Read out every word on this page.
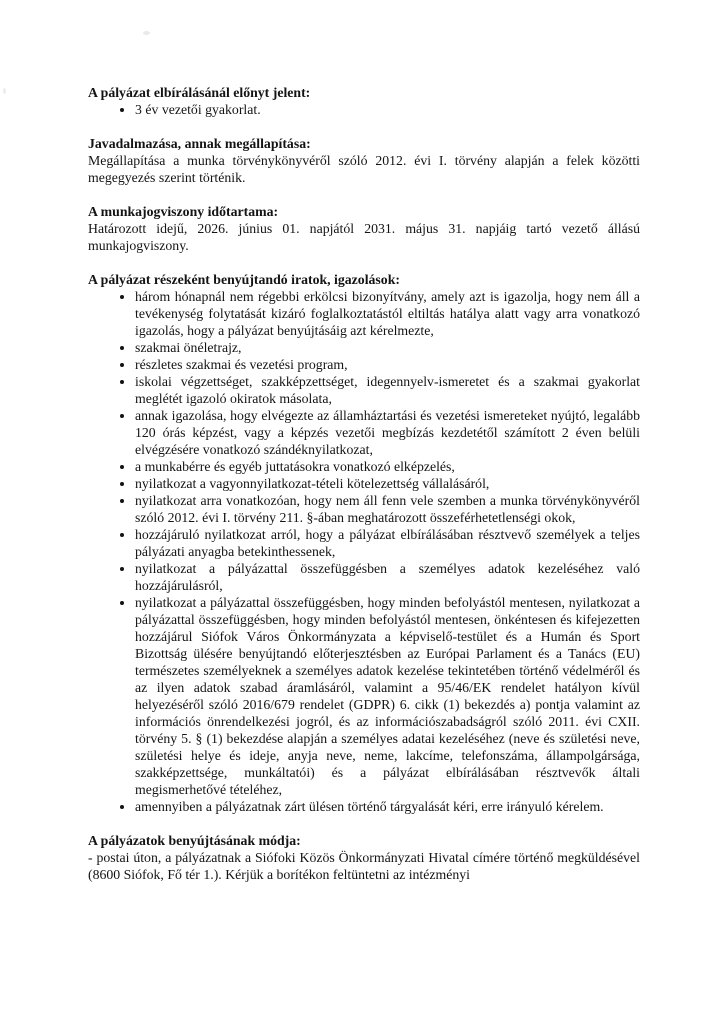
A pályázat elbírálásánál előnyt jelent:
• 3 év vezetői gyakorlat.
Javadalmazása, annak megállapítása:

Megállapítása a munka törvénykönyvéről szóló 2012. évi I. törvény alapján a felek közötti megegyezés szerint történik.

A munkajogviszony időtartama:

Határozott idejű, 2026. június 01. napjától 2031. május 31. napjáig tartó vezető állású munkajogviszony.

A pályázat részeként benyújtandó iratok, igazolások:
• három hónapnál nem régebbi erkölcsi bizonyítvány, amely azt is igazolja, hogy nem áll a tevékenység folytatását kizáró foglalkoztatástól eltiltás hatálya alatt vagy arra vonatkozó igazolás, hogy a pályázat benyújtásáig azt kérelmezte,
• szakmai önéletrajz,
• részletes szakmai és vezetési program,
• iskolai végzettséget, szakképzettséget, idegennyelv-ismeretet és a szakmai gyakorlat meglétét igazoló okiratok másolata,
• annak igazolása, hogy elvégezte az államháztartási és vezetési ismereteket nyújtó, legalább 120 órás képzést, vagy a képzés vezetői megbízás kezdetétől számított 2 éven belüli elvégzésére vonatkozó szándéknyilatkozat,
• a munkabérre és egyéb juttatásokra vonatkozó elképzelés,
• nyilatkozat a vagyonnyilatkozat-tételi kötelezettség vállalásáról,
• nyilatkozat arra vonatkozóan, hogy nem áll fenn vele szemben a munka törvénykönyvéről szóló 2012. évi I. törvény 211. §-ában meghatározott összeférhetetlenségi okok,
• hozzájáruló nyilatkozat arról, hogy a pályázat elbírálásában résztvevő személyek a teljes pályázati anyagba betekinthessenek,
• nyilatkozat a pályázattal összefüggésben a személyes adatok kezeléséhez való hozzájárulásról,
• nyilatkozat a pályázattal összefüggésben, hogy minden befolyástól mentesen, nyilatkozat a pályázattal összefüggésben, hogy minden befolyástól mentesen, önkéntesen és kifejezetten hozzájárul Siófok Város Önkormányzata a képviselő-testület és a Humán és Sport Bizottság ülésére benyújtandó előterjesztésben az Európai Parlament és a Tanács (EU) természetes személyeknek a személyes adatok kezelése tekintetében történő védelméről és az ilyen adatok szabad áramlásáról, valamint a 95/46/EK rendelet hatályon kívül helyezéséről szóló 2016/679 rendelet (GDPR) 6. cikk (1) bekezdés a) pontja valamint az információs önrendelkezési jogról, és az információszabadságról szóló 2011. évi CXII. törvény 5. § (1) bekezdése alapján a személyes adatai kezeléséhez (neve és születési neve, születési helye és ideje, anyja neve, neme, lakcíme, telefonszáma, állampolgársága, szakképzettsége, munkáltatói) és a pályázat elbírálásában résztvevők általi megismerhetővé tételéhez,
• amennyiben a pályázatnak zárt ülésen történő tárgyalását kéri, erre irányuló kérelem.
A pályázatok benyújtásának módja:

- postai úton, a pályázatnak a Siófoki Közös Önkormányzati Hivatal címére történő megküldésével (8600 Siófok, Fő tér 1.). Kérjük a borítékon feltüntetni az intézményi
